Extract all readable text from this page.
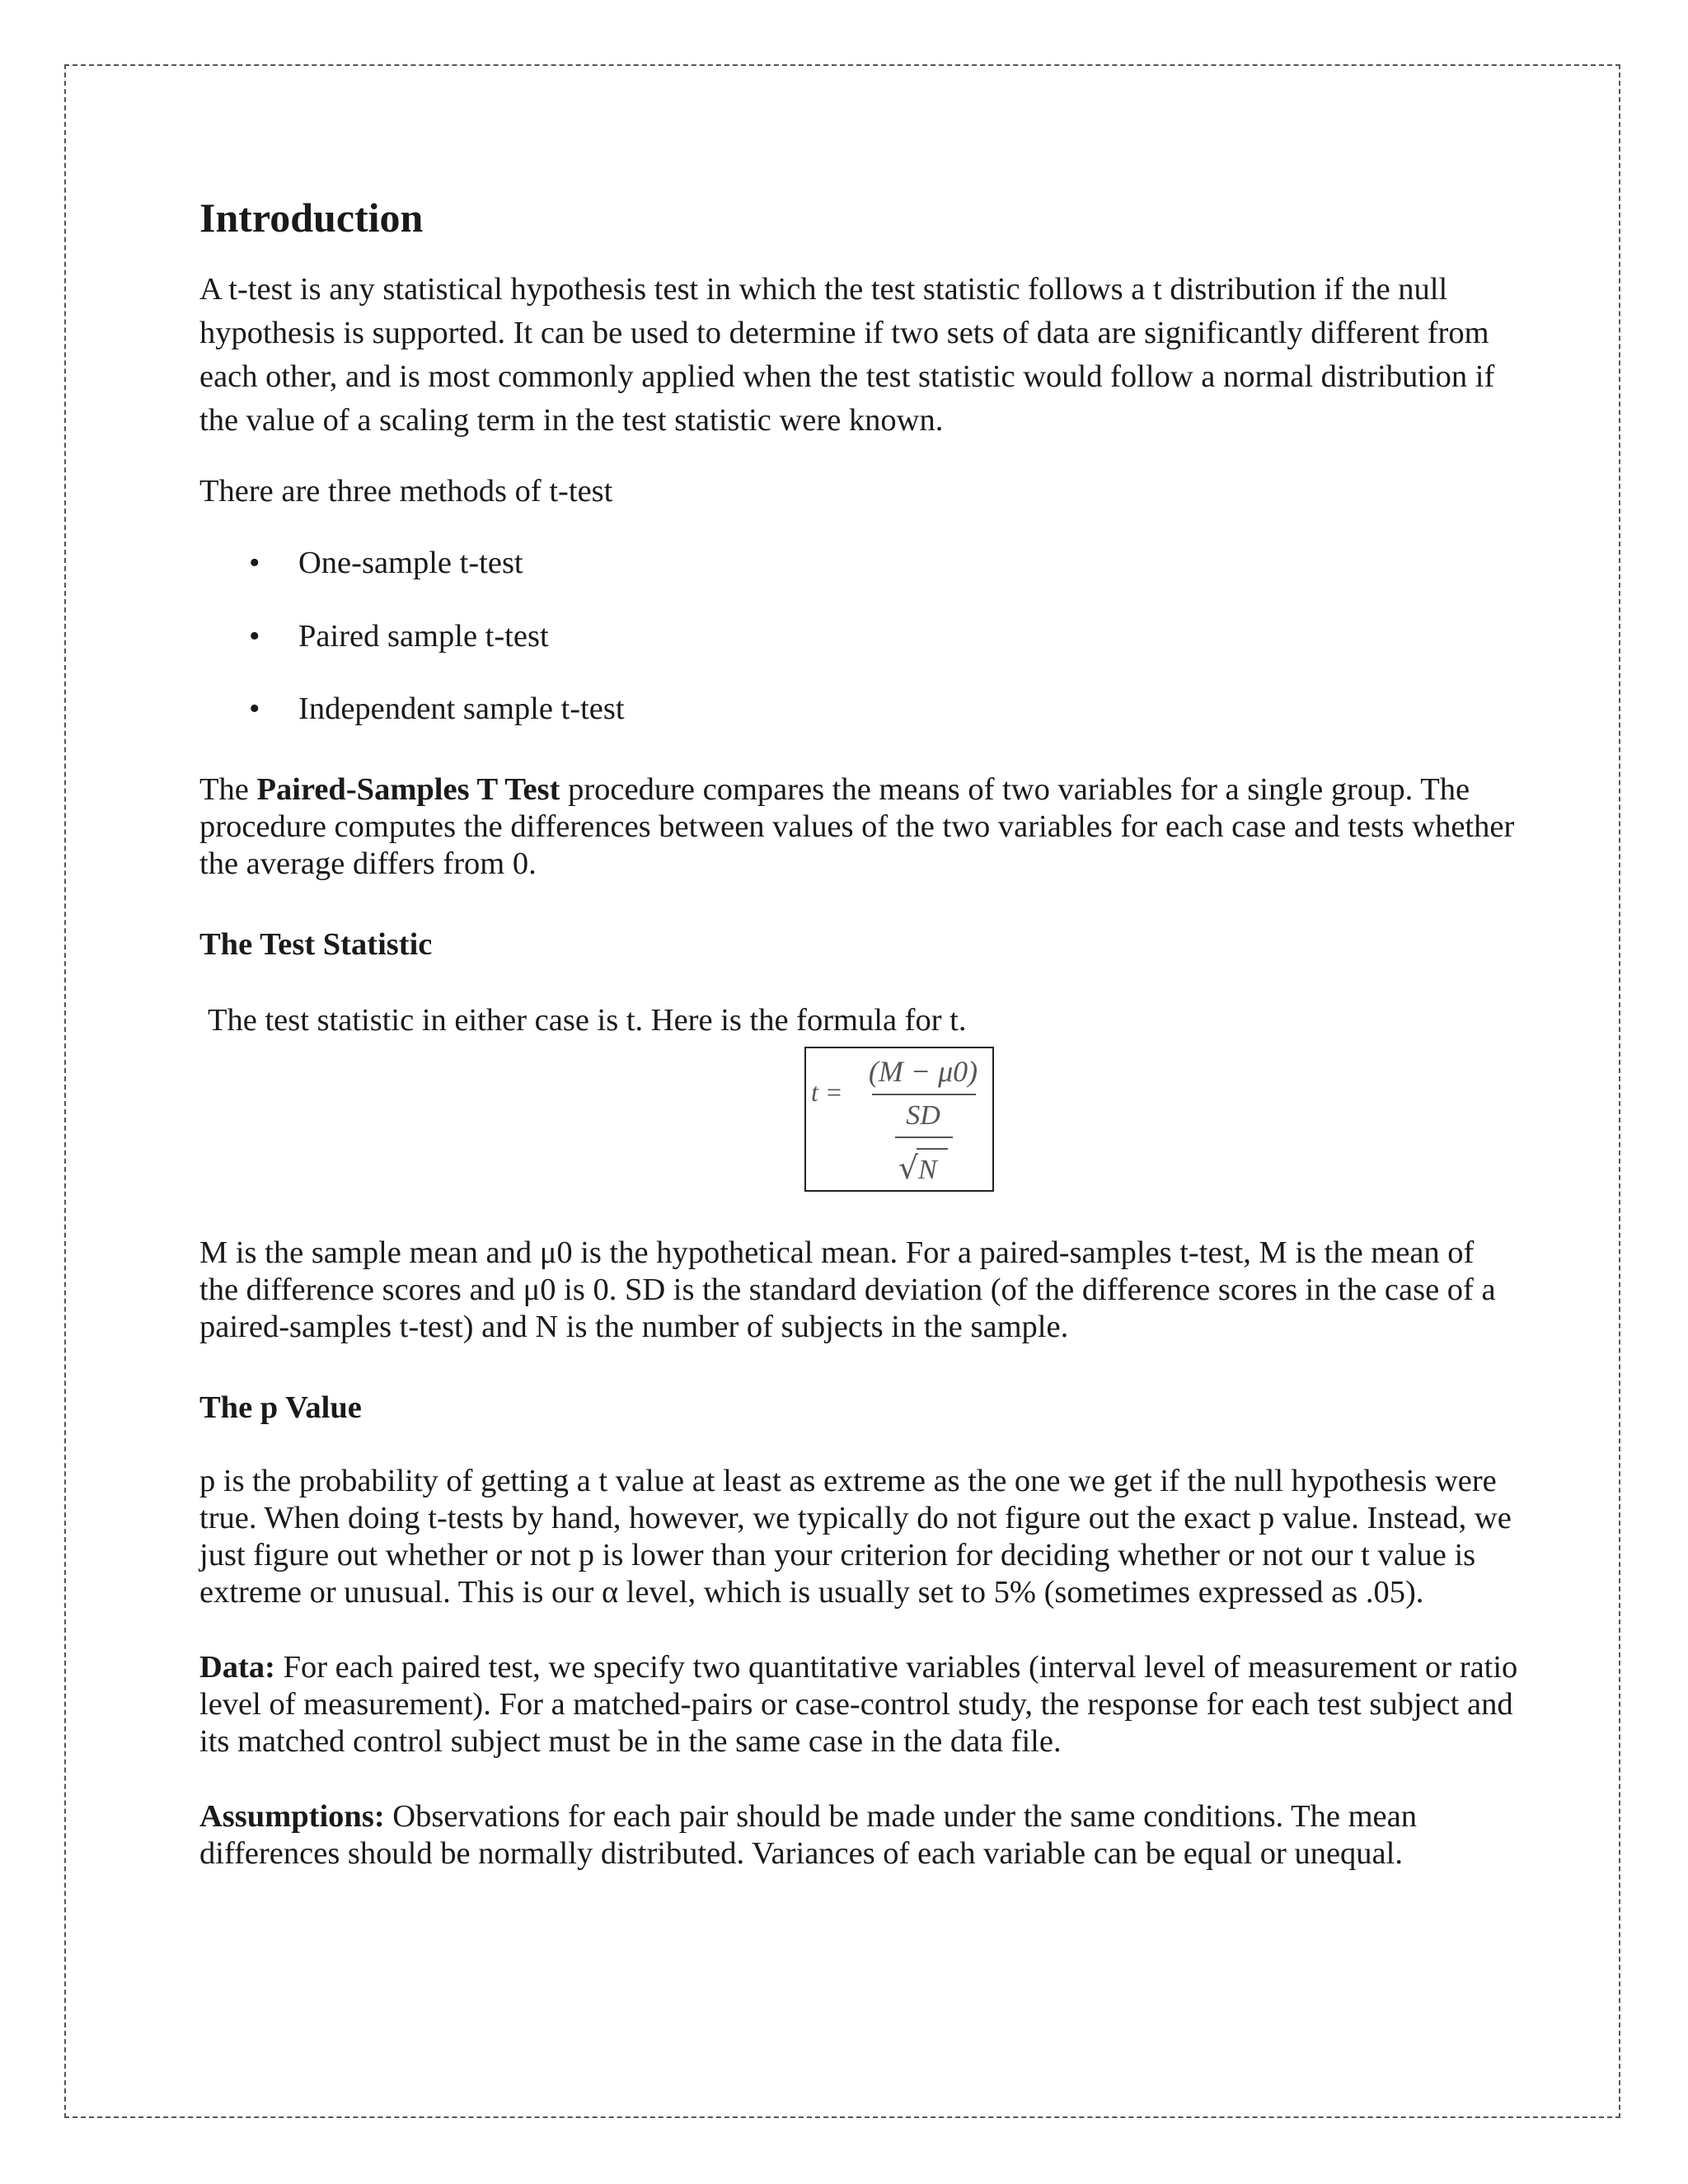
Introduction

A t-test is any statistical hypothesis test in which the test statistic follows a t distribution if the null hypothesis is supported. It can be used to determine if two sets of data are significantly different from each other, and is most commonly applied when the test statistic would follow a normal distribution if the value of a scaling term in the test statistic were known.

There are three methods of t-test

• One-sample t-test
• Paired sample t-test
• Independent sample t-test

The Paired-Samples T Test procedure compares the means of two variables for a single group. The procedure computes the differences between values of the two variables for each case and tests whether the average differs from 0.

The Test Statistic

The test statistic in either case is t. Here is the formula for t.

t =
(M − μ0)
SD
√ N

M is the sample mean and μ0 is the hypothetical mean. For a paired-samples t-test, M is the mean of the difference scores and μ0 is 0. SD is the standard deviation (of the difference scores in the case of a paired-samples t-test) and N is the number of subjects in the sample.

The p Value

p is the probability of getting a t value at least as extreme as the one we get if the null hypothesis were true. When doing t-tests by hand, however, we typically do not figure out the exact p value. Instead, we just figure out whether or not p is lower than your criterion for deciding whether or not our t value is extreme or unusual. This is our α level, which is usually set to 5% (sometimes expressed as .05).

Data: For each paired test, we specify two quantitative variables (interval level of measurement or ratio level of measurement). For a matched-pairs or case-control study, the response for each test subject and its matched control subject must be in the same case in the data file.

Assumptions: Observations for each pair should be made under the same conditions. The mean differences should be normally distributed. Variances of each variable can be equal or unequal.
